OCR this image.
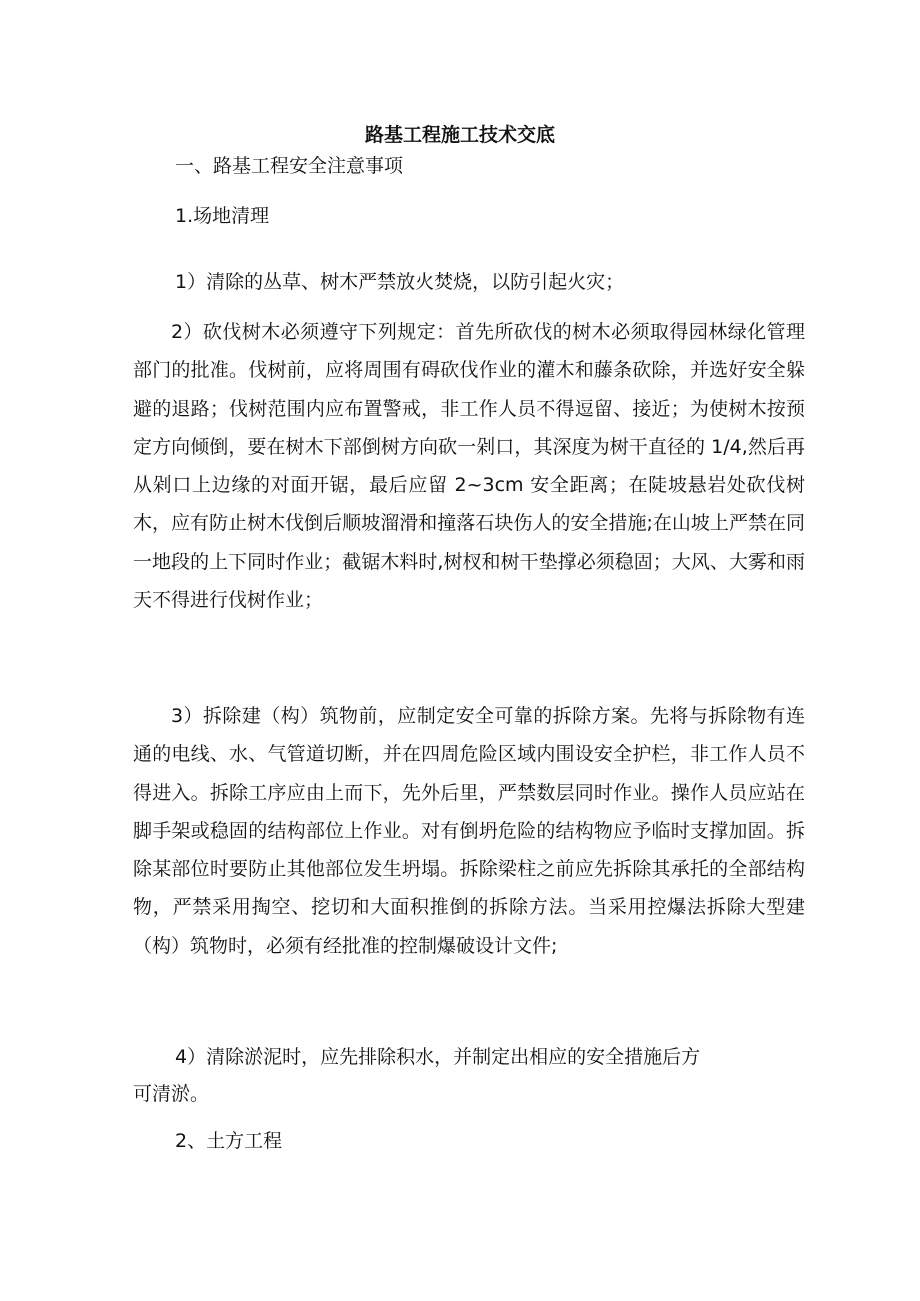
路基工程施工技术交底

一、路基工程安全注意事项

1.场地清理

1）清除的丛草、树木严禁放火焚烧，以防引起火灾；

2）砍伐树木必须遵守下列规定：首先所砍伐的树木必须取得园林绿化管理部门的批准。伐树前，应将周围有碍砍伐作业的灌木和藤条砍除，并选好安全躲避的退路；伐树范围内应布置警戒，非工作人员不得逗留、接近；为使树木按预定方向倾倒，要在树木下部倒树方向砍一剁口，其深度为树干直径的 1/4,然后再从剁口上边缘的对面开锯，最后应留 2~3cm 安全距离；在陡坡悬岩处砍伐树木，应有防止树木伐倒后顺坡溜滑和撞落石块伤人的安全措施;在山坡上严禁在同一地段的上下同时作业；截锯木料时,树杈和树干垫撑必须稳固；大风、大雾和雨天不得进行伐树作业；

3）拆除建（构）筑物前，应制定安全可靠的拆除方案。先将与拆除物有连通的电线、水、气管道切断，并在四周危险区域内围设安全护栏，非工作人员不得进入。拆除工序应由上而下，先外后里，严禁数层同时作业。操作人员应站在脚手架或稳固的结构部位上作业。对有倒坍危险的结构物应予临时支撑加固。拆除某部位时要防止其他部位发生坍塌。拆除梁柱之前应先拆除其承托的全部结构物，严禁采用掏空、挖切和大面积推倒的拆除方法。当采用控爆法拆除大型建（构）筑物时，必须有经批准的控制爆破设计文件;

4）清除淤泥时，应先排除积水，并制定出相应的安全措施后方

可清淤。

2、土方工程
